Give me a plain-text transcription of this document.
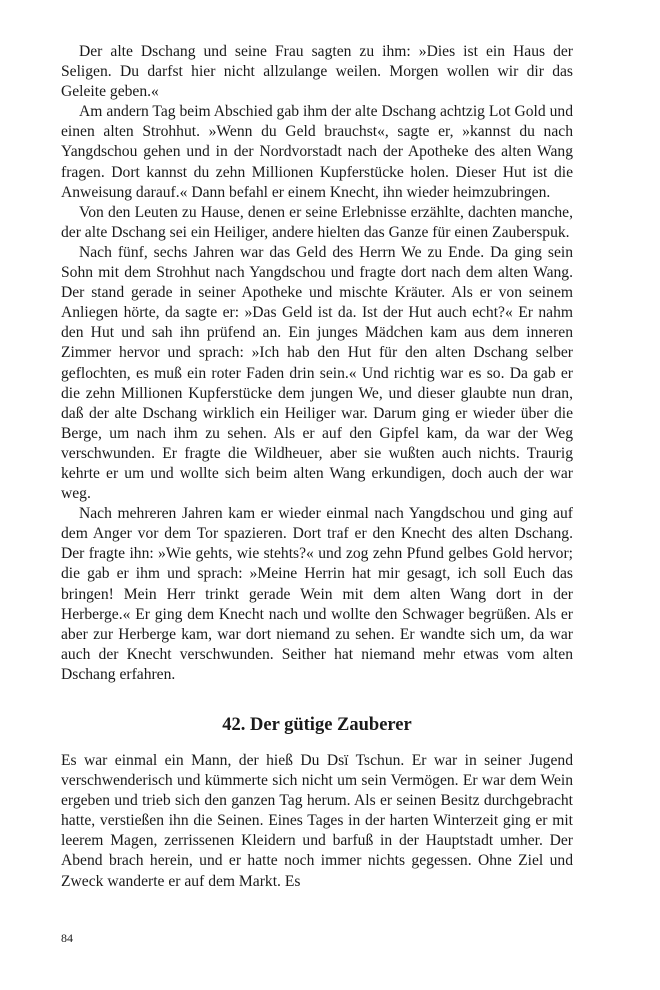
Der alte Dschang und seine Frau sagten zu ihm: »Dies ist ein Haus der Seligen. Du darfst hier nicht allzulange weilen. Morgen wollen wir dir das Geleite geben.«

Am andern Tag beim Abschied gab ihm der alte Dschang achtzig Lot Gold und einen alten Strohhut. »Wenn du Geld brauchst«, sagte er, »kannst du nach Yangdschou gehen und in der Nordvorstadt nach der Apotheke des alten Wang fragen. Dort kannst du zehn Millionen Kupferstücke holen. Dieser Hut ist die Anweisung darauf.« Dann befahl er einem Knecht, ihn wieder heimzubringen.

Von den Leuten zu Hause, denen er seine Erlebnisse erzählte, dachten manche, der alte Dschang sei ein Heiliger, andere hielten das Ganze für einen Zauberspuk.

Nach fünf, sechs Jahren war das Geld des Herrn We zu Ende. Da ging sein Sohn mit dem Strohhut nach Yangdschou und fragte dort nach dem alten Wang. Der stand gerade in seiner Apotheke und mischte Kräuter. Als er von seinem Anliegen hörte, da sagte er: »Das Geld ist da. Ist der Hut auch echt?« Er nahm den Hut und sah ihn prüfend an. Ein junges Mädchen kam aus dem inneren Zimmer hervor und sprach: »Ich hab den Hut für den alten Dschang selber geflochten, es muß ein roter Faden drin sein.« Und richtig war es so. Da gab er die zehn Millionen Kupferstücke dem jungen We, und dieser glaubte nun dran, daß der alte Dschang wirklich ein Heiliger war. Darum ging er wieder über die Berge, um nach ihm zu sehen. Als er auf den Gipfel kam, da war der Weg verschwunden. Er fragte die Wildheuer, aber sie wußten auch nichts. Traurig kehrte er um und wollte sich beim alten Wang erkundigen, doch auch der war weg.

Nach mehreren Jahren kam er wieder einmal nach Yangdschou und ging auf dem Anger vor dem Tor spazieren. Dort traf er den Knecht des alten Dschang. Der fragte ihn: »Wie gehts, wie stehts?« und zog zehn Pfund gelbes Gold hervor; die gab er ihm und sprach: »Meine Herrin hat mir gesagt, ich soll Euch das bringen! Mein Herr trinkt gerade Wein mit dem alten Wang dort in der Herberge.« Er ging dem Knecht nach und wollte den Schwager begrüßen. Als er aber zur Herberge kam, war dort niemand zu sehen. Er wandte sich um, da war auch der Knecht verschwunden. Seither hat niemand mehr etwas vom alten Dschang erfahren.

42. Der gütige Zauberer

Es war einmal ein Mann, der hieß Du Dsï Tschun. Er war in seiner Jugend verschwenderisch und kümmerte sich nicht um sein Vermögen. Er war dem Wein ergeben und trieb sich den ganzen Tag herum. Als er seinen Besitz durchgebracht hatte, verstießen ihn die Seinen. Eines Tages in der harten Winterzeit ging er mit leerem Magen, zerrissenen Kleidern und barfuß in der Hauptstadt umher. Der Abend brach herein, und er hatte noch immer nichts gegessen. Ohne Ziel und Zweck wanderte er auf dem Markt. Es

84
